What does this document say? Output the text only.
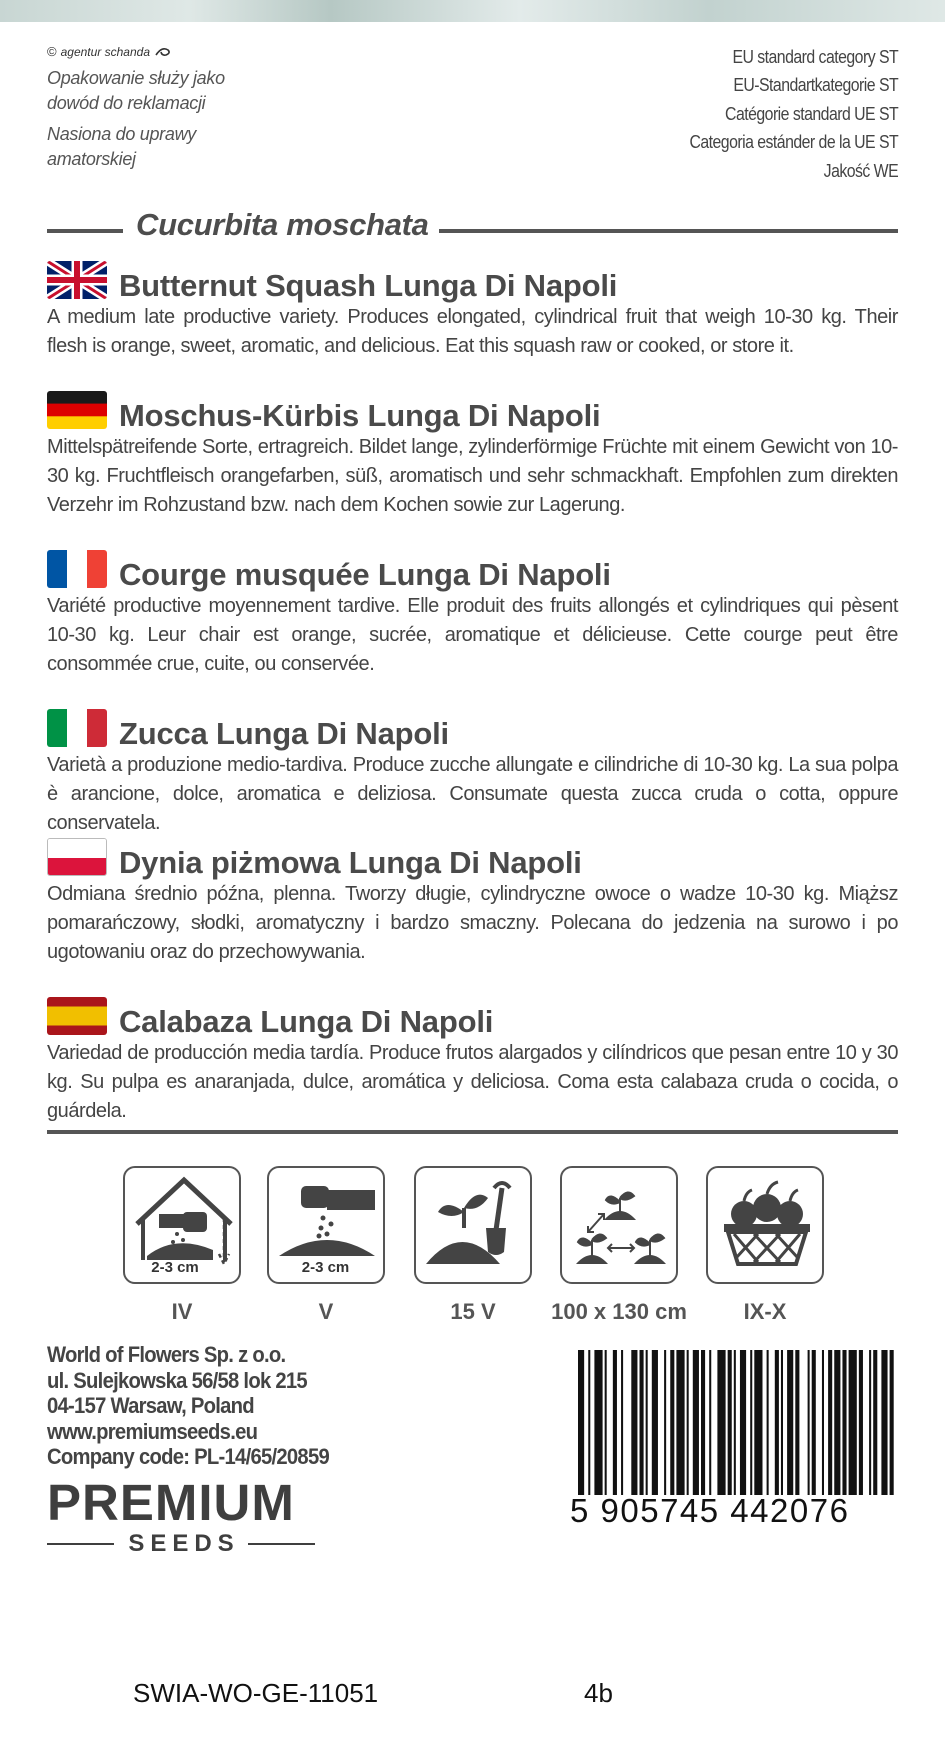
© agentur schanda
Opakowanie służy jako
dowód do reklamacji
Nasiona do uprawy
amatorskiej
EU standard category ST
EU-Standartkategorie ST
Catégorie standard UE ST
Categoria estánder de la UE ST
Jakość WE
Cucurbita moschata
Butternut Squash Lunga Di Napoli
A medium late productive variety. Produces elongated, cylindrical fruit that weigh 10-30 kg. Their flesh is orange, sweet, aromatic, and delicious. Eat this squash raw or cooked, or store it.
Moschus-Kürbis Lunga Di Napoli
Mittelspätreifende Sorte, ertragreich. Bildet lange, zylinderförmige Früchte mit einem Gewicht von 10-30 kg. Fruchtfleisch orangefarben, süß, aromatisch und sehr schmackhaft. Empfohlen zum direkten Verzehr im Rohzustand bzw. nach dem Kochen sowie zur Lagerung.
Courge musquée Lunga Di Napoli
Variété productive moyennement tardive. Elle produit des fruits allongés et cylindriques qui pèsent 10-30 kg. Leur chair est orange, sucrée, aromatique et délicieuse. Cette courge peut être consommée crue, cuite, ou conservée.
Zucca Lunga Di Napoli
Varietà a produzione medio-tardiva. Produce zucche allungate e cilindriche di 10-30 kg. La sua polpa è arancione, dolce, aromatica e deliziosa. Consumate questa zucca cruda o cotta, oppure conservatela.
Dynia piżmowa Lunga Di Napoli
Odmiana średnio późna, plenna. Tworzy długie, cylindryczne owoce o wadze 10-30 kg. Miąższ pomarańczowy, słodki, aromatyczny i bardzo smaczny. Polecana do jedzenia na surowo i po ugotowaniu oraz do przechowywania.
Calabaza Lunga Di Napoli
Variedad de producción media tardía. Produce frutos alargados y cilíndricos que pesan entre 10 y 30 kg. Su pulpa es anaranjada, dulce, aromática y deliciosa. Coma esta calabaza cruda o cocida, o guárdela.
2-3 cm	2-3 cm
IV	V	15 V	100 x 130 cm	IX-X
World of Flowers Sp. z o.o.
ul. Sulejkowska 56/58 lok 215
04-157 Warsaw, Poland
www.premiumseeds.eu
Company code: PL-14/65/20859
PREMIUM
SEEDS
5 905745 442076
SWIA-WO-GE-11051	4b
